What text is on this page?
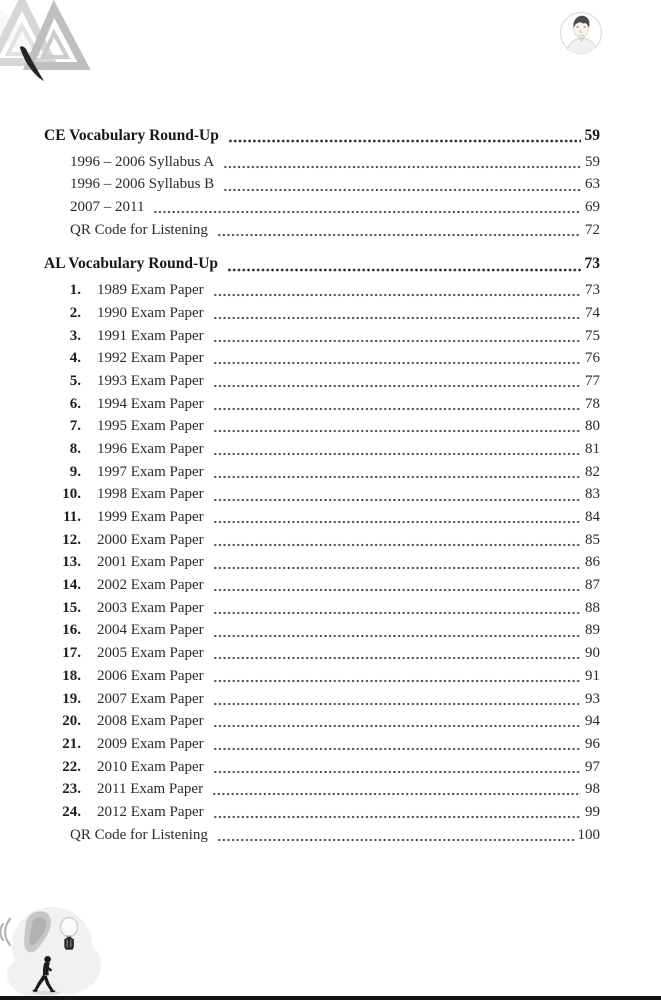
CE Vocabulary Round-Up	59
1996 – 2006 Syllabus A	59
1996 – 2006 Syllabus B	63
2007 – 2011	69
QR Code for Listening	72
AL Vocabulary Round-Up	73
1. 1989 Exam Paper	73
2. 1990 Exam Paper	74
3. 1991 Exam Paper	75
4. 1992 Exam Paper	76
5. 1993 Exam Paper	77
6. 1994 Exam Paper	78
7. 1995 Exam Paper	80
8. 1996 Exam Paper	81
9. 1997 Exam Paper	82
10. 1998 Exam Paper	83
11. 1999 Exam Paper	84
12. 2000 Exam Paper	85
13. 2001 Exam Paper	86
14. 2002 Exam Paper	87
15. 2003 Exam Paper	88
16. 2004 Exam Paper	89
17. 2005 Exam Paper	90
18. 2006 Exam Paper	91
19. 2007 Exam Paper	93
20. 2008 Exam Paper	94
21. 2009 Exam Paper	96
22. 2010 Exam Paper	97
23. 2011 Exam Paper	98
24. 2012 Exam Paper	99
QR Code for Listening	100
